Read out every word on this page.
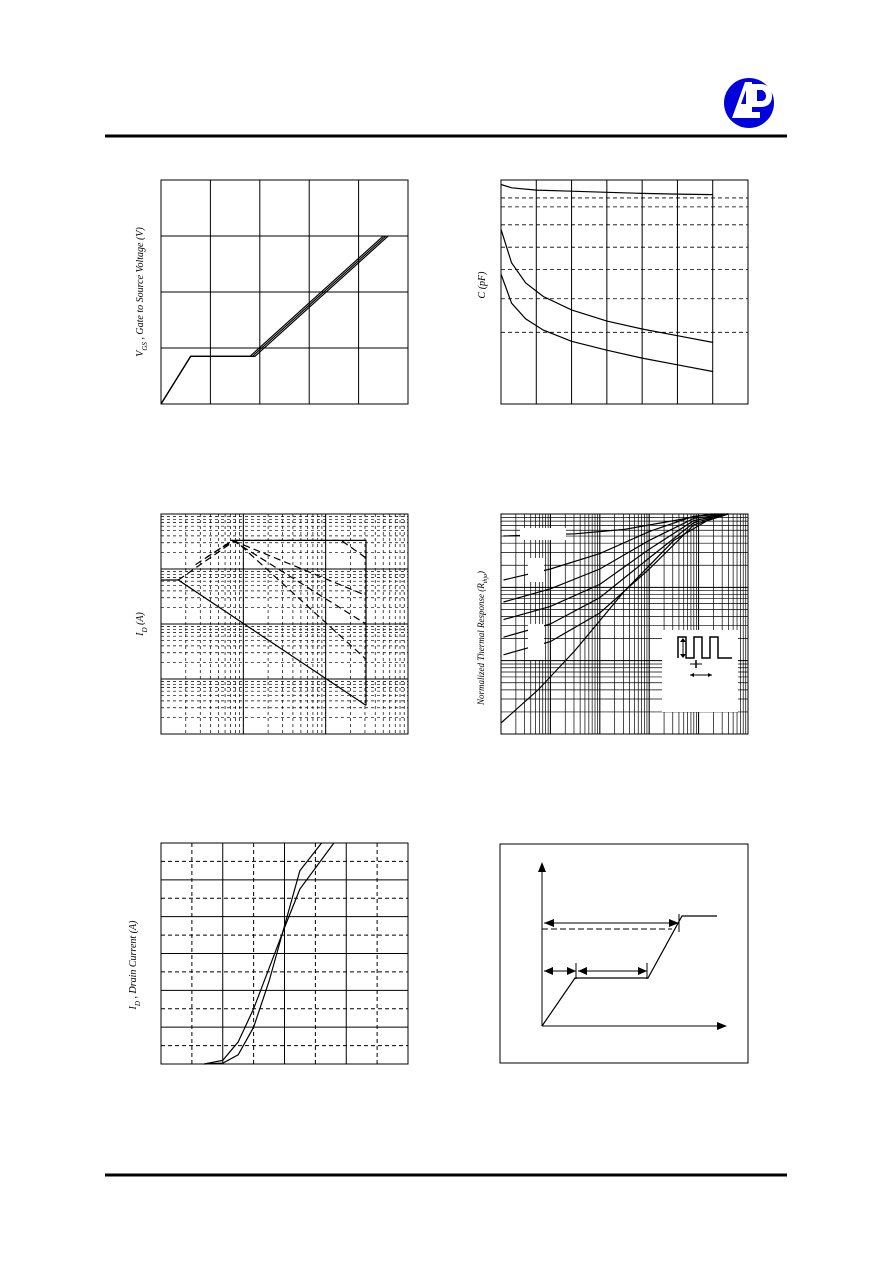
$V_{GS}$ , Gate to Source Voltage (V)	C (pF)
$I_D$ (A)	Normalized Thermal Response $(R_{thja})$
$I_D$ , Drain Current (A)
